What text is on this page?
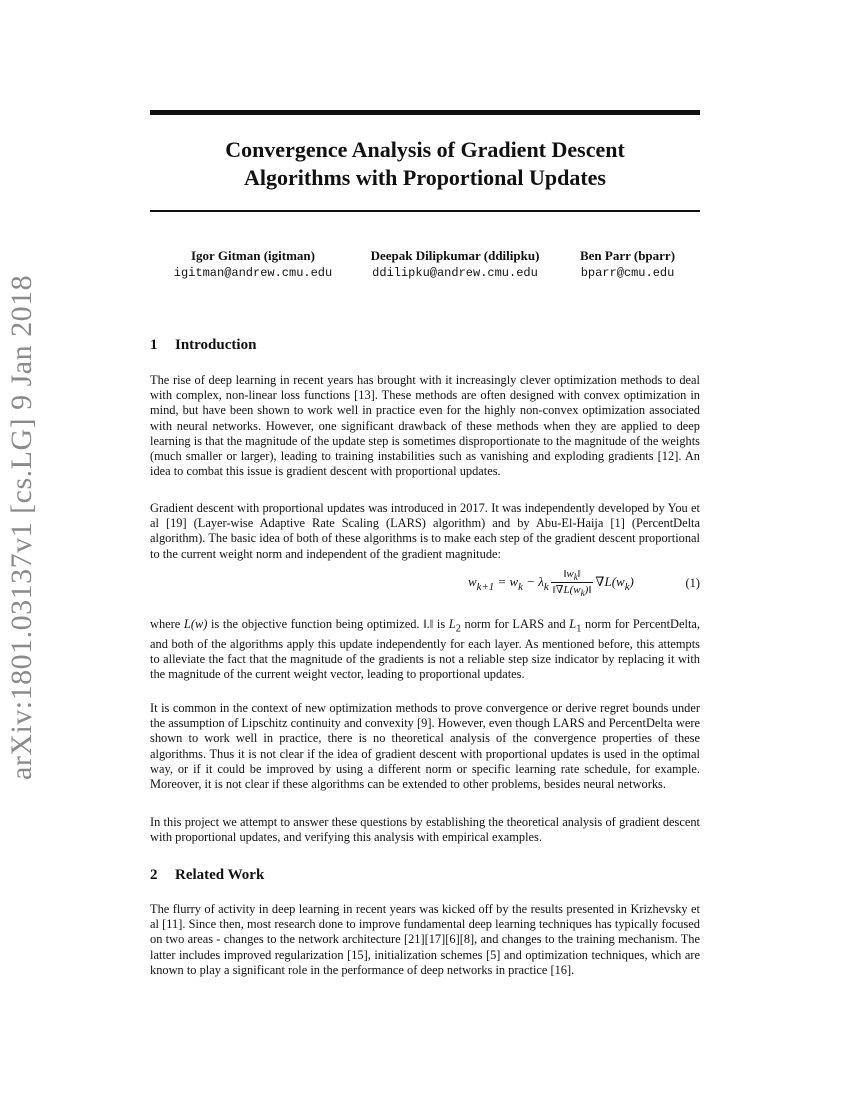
arXiv:1801.03137v1 [cs.LG] 9 Jan 2018
Convergence Analysis of Gradient Descent
Algorithms with Proportional Updates
Igor Gitman (igitman)
igitman@andrew.cmu.edu
Deepak Dilipkumar (ddilipku)
ddilipku@andrew.cmu.edu
Ben Parr (bparr)
bparr@cmu.edu
1 Introduction
The rise of deep learning in recent years has brought with it increasingly clever optimization methods to deal with complex, non-linear loss functions [13]. These methods are often designed with convex optimization in mind, but have been shown to work well in practice even for the highly non-convex optimization associated with neural networks. However, one significant drawback of these methods when they are applied to deep learning is that the magnitude of the update step is sometimes disproportionate to the magnitude of the weights (much smaller or larger), leading to training instabilities such as vanishing and exploding gradients [12]. An idea to combat this issue is gradient descent with proportional updates.
Gradient descent with proportional updates was introduced in 2017. It was independently developed by You et al [19] (Layer-wise Adaptive Rate Scaling (LARS) algorithm) and by Abu-El-Haija [1] (PercentDelta algorithm). The basic idea of both of these algorithms is to make each step of the gradient descent proportional to the current weight norm and independent of the gradient magnitude:
$w_{k+1} = w_k - \lambda_k \frac{‖w_k‖}{‖\nabla L(w_k)‖} \nabla L(w_k)$	(1)
where L(w) is the objective function being optimized. ‖.‖ is $L_2$ norm for LARS and $L_1$ norm for PercentDelta, and both of the algorithms apply this update independently for each layer. As mentioned before, this attempts to alleviate the fact that the magnitude of the gradients is not a reliable step size indicator by replacing it with the magnitude of the current weight vector, leading to proportional updates.
It is common in the context of new optimization methods to prove convergence or derive regret bounds under the assumption of Lipschitz continuity and convexity [9]. However, even though LARS and PercentDelta were shown to work well in practice, there is no theoretical analysis of the convergence properties of these algorithms. Thus it is not clear if the idea of gradient descent with proportional updates is used in the optimal way, or if it could be improved by using a different norm or specific learning rate schedule, for example. Moreover, it is not clear if these algorithms can be extended to other problems, besides neural networks.
In this project we attempt to answer these questions by establishing the theoretical analysis of gradient descent with proportional updates, and verifying this analysis with empirical examples.
2 Related Work
The flurry of activity in deep learning in recent years was kicked off by the results presented in Krizhevsky et al [11]. Since then, most research done to improve fundamental deep learning techniques has typically focused on two areas - changes to the network architecture [21][17][6][8], and changes to the training mechanism. The latter includes improved regularization [15], initialization schemes [5] and optimization techniques, which are known to play a significant role in the performance of deep networks in practice [16].
